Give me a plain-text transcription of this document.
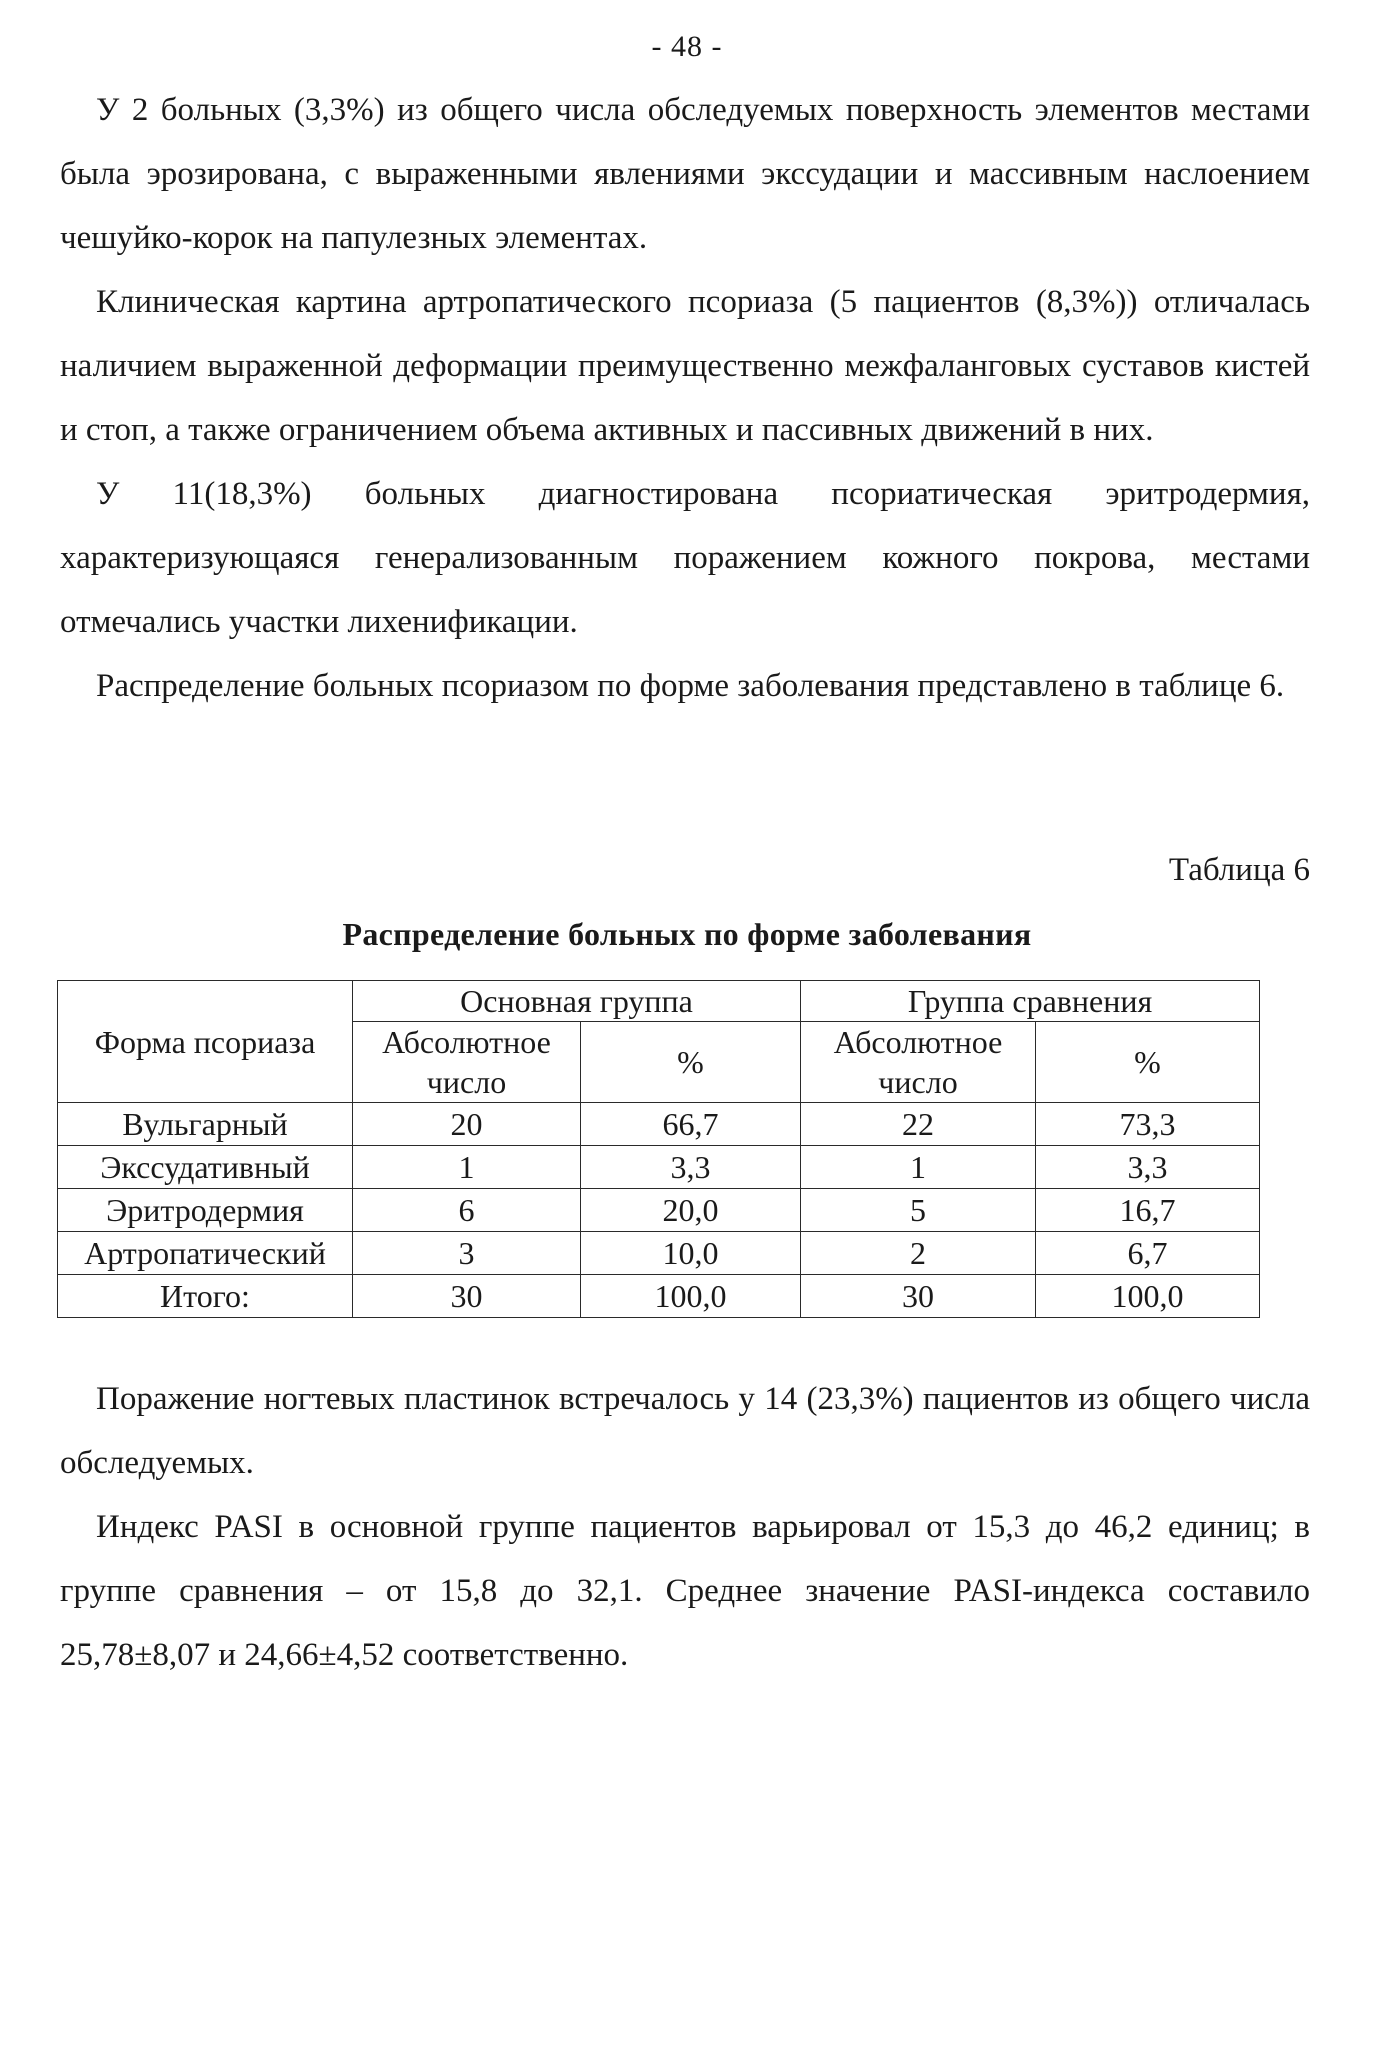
- 48 -

У 2 больных (3,3%) из общего числа обследуемых поверхность элементов местами была эрозирована, с выраженными явлениями экссудации и массивным наслоением чешуйко-корок на папулезных элементах.

Клиническая картина артропатического псориаза (5 пациентов (8,3%)) отличалась наличием выраженной деформации преимущественно межфаланговых суставов кистей и стоп, а также ограничением объема активных и пассивных движений в них.

У 11(18,3%) больных диагностирована псориатическая эритродермия, характеризующаяся генерализованным поражением кожного покрова, местами отмечались участки лихенификации.

Распределение больных псориазом по форме заболевания представлено в таблице 6.

Таблица 6
Распределение больных по форме заболевания
Форма псориаза	Основная группа		Группа сравнения	
	Абсолютное число	%	Абсолютное число	%
Вульгарный	20	66,7	22	73,3
Экссудативный	1	3,3	1	3,3
Эритродермия	6	20,0	5	16,7
Артропатический	3	10,0	2	6,7
Итого:	30	100,0	30	100,0

Поражение ногтевых пластинок встречалось у 14 (23,3%) пациентов из общего числа обследуемых.

Индекс PASI в основной группе пациентов варьировал от 15,3 до 46,2 единиц; в группе сравнения – от 15,8 до 32,1. Среднее значение PASI-индекса составило 25,78±8,07 и 24,66±4,52 соответственно.
